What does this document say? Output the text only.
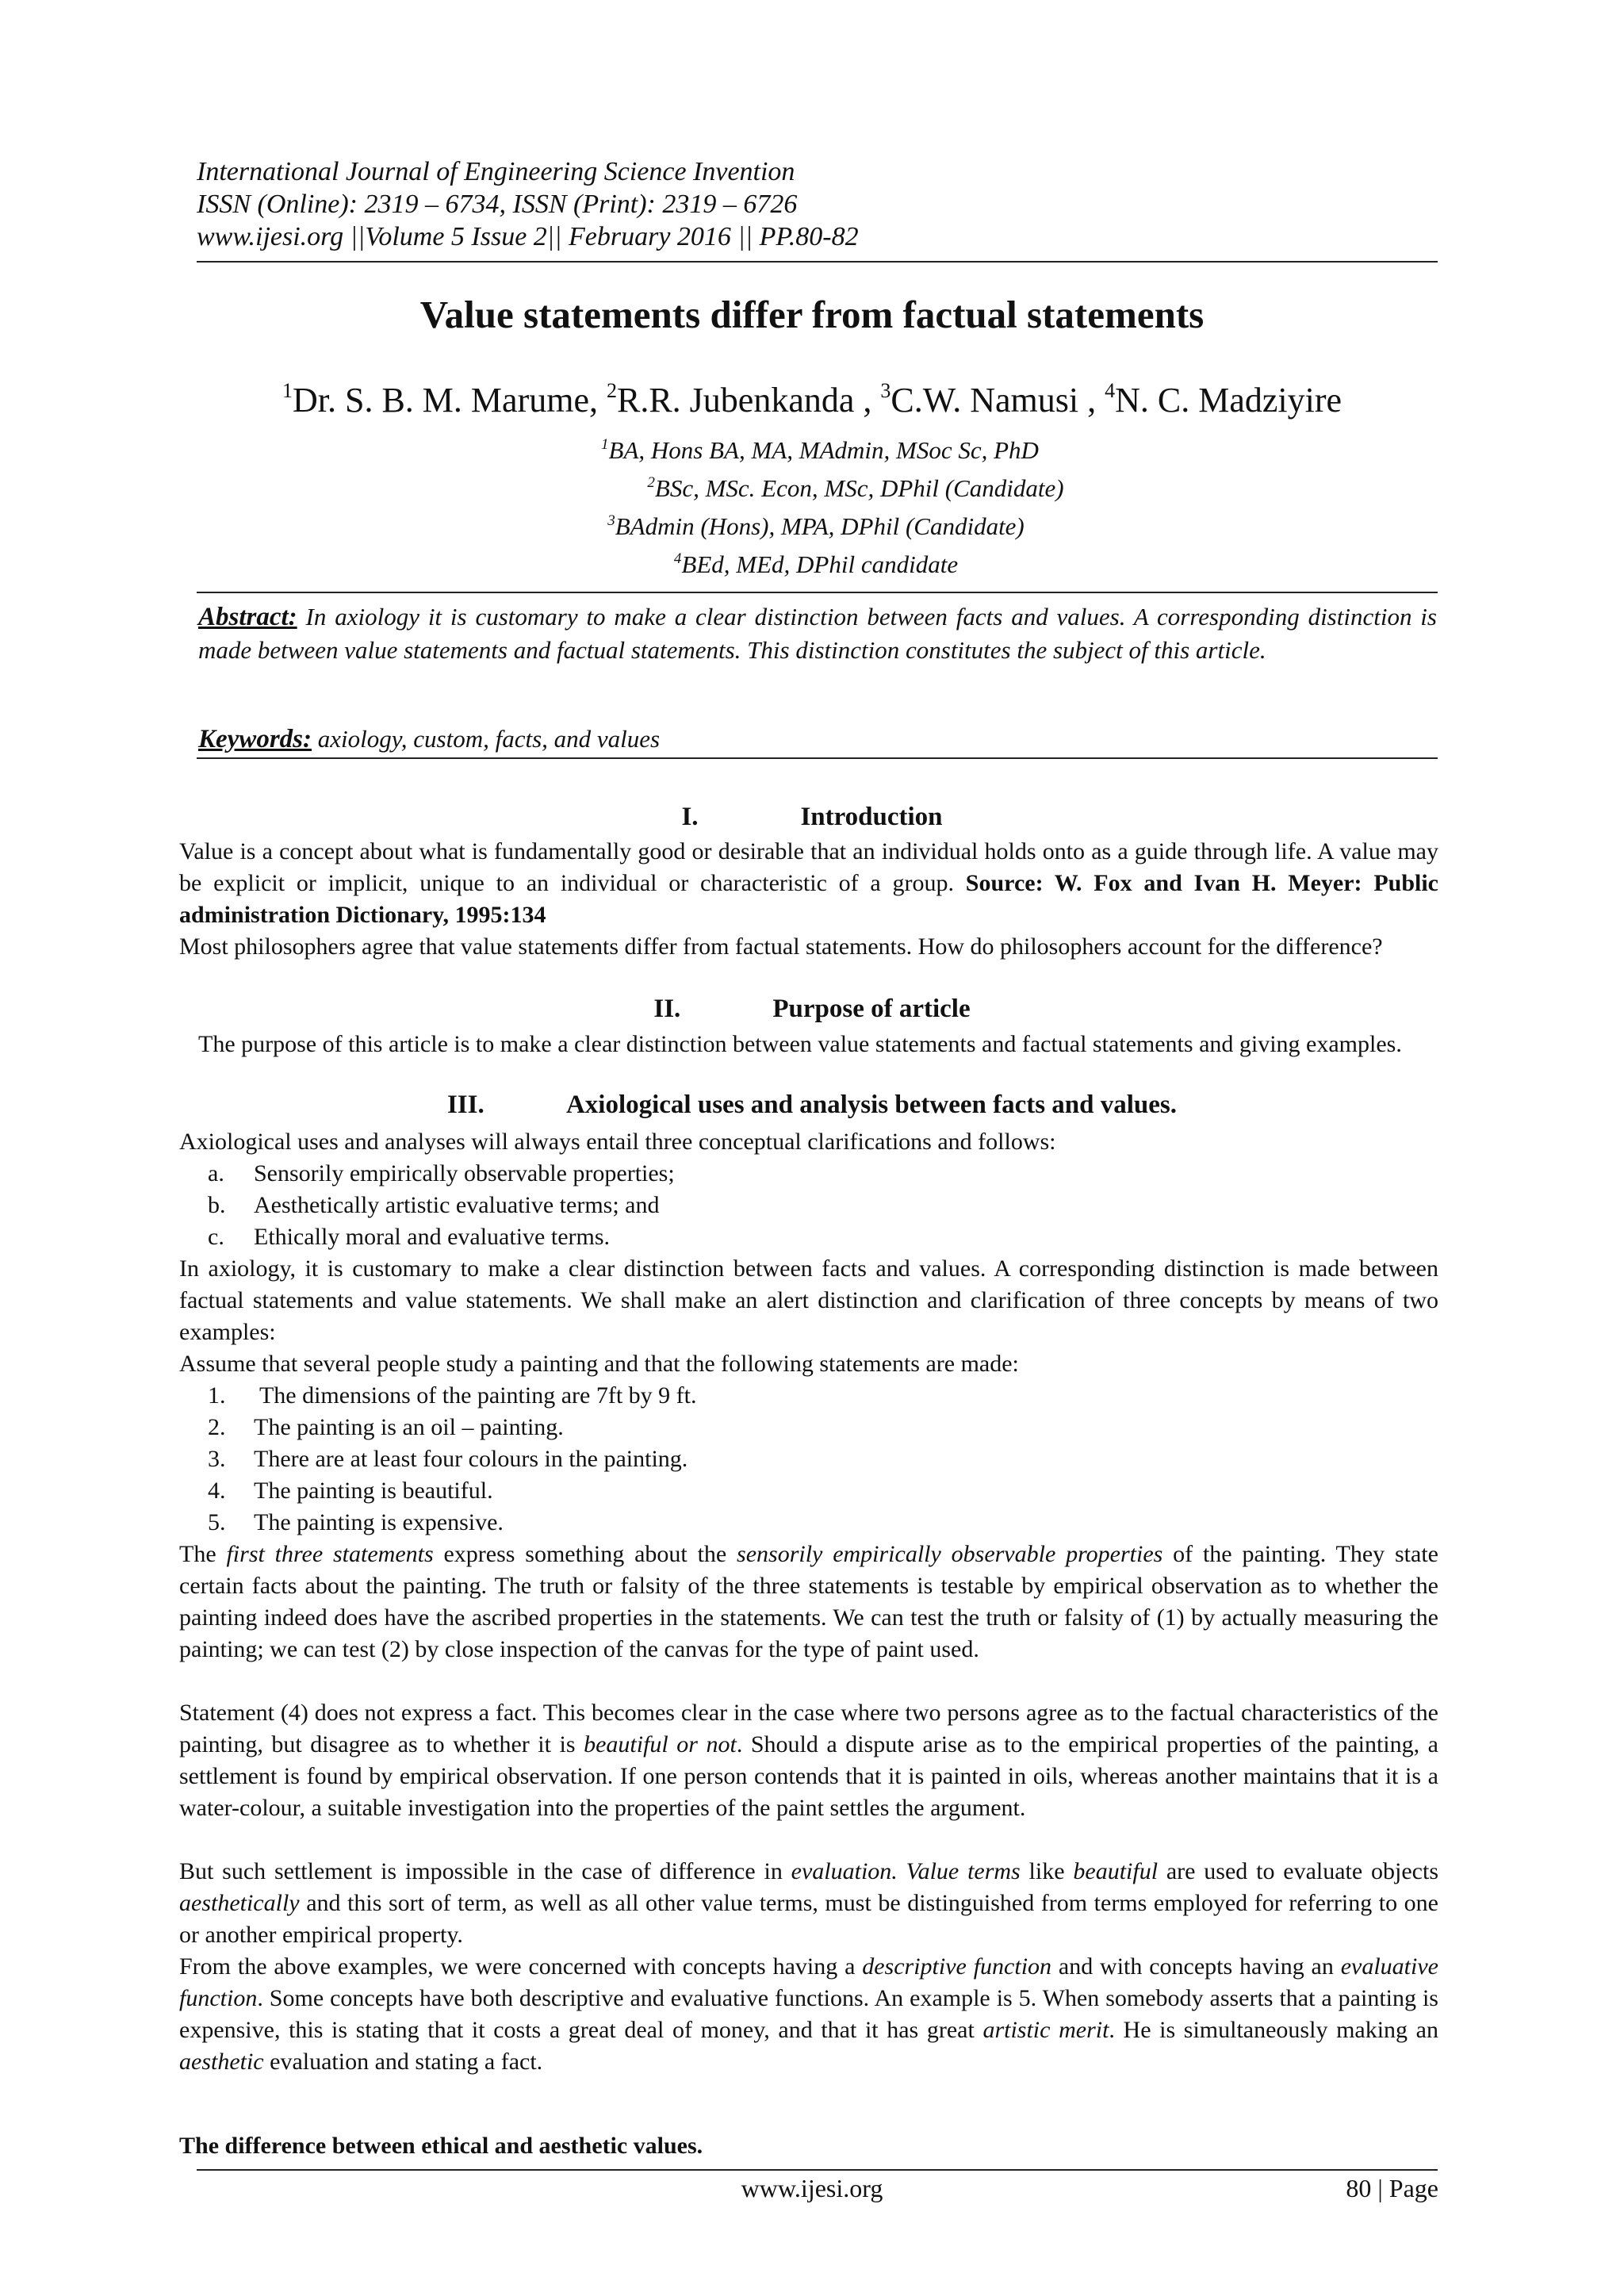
International Journal of Engineering Science Invention
ISSN (Online): 2319 – 6734, ISSN (Print): 2319 – 6726
www.ijesi.org ||Volume 5 Issue 2|| February 2016 || PP.80-82
Value statements differ from factual statements
$^1$Dr. S. B. M. Marume, $^2$R.R. Jubenkanda , $^3$C.W. Namusi , $^4$N. C. Madziyire
$^1$BA, Hons BA, MA, MAdmin, MSoc Sc, PhD
$^2$BSc, MSc. Econ, MSc, DPhil (Candidate)
$^3$BAdmin (Hons), MPA, DPhil (Candidate)
$^4$BEd, MEd, DPhil candidate
Abstract: In axiology it is customary to make a clear distinction between facts and values. A corresponding distinction is made between value statements and factual statements. This distinction constitutes the subject of this article.
Keywords: axiology, custom, facts, and values
I.	Introduction
Value is a concept about what is fundamentally good or desirable that an individual holds onto as a guide through life. A value may be explicit or implicit, unique to an individual or characteristic of a group. Source: W. Fox and Ivan H. Meyer: Public administration Dictionary, 1995:134
Most philosophers agree that value statements differ from factual statements. How do philosophers account for the difference?
II.	Purpose of article
The purpose of this article is to make a clear distinction between value statements and factual statements and giving examples.
III.	Axiological uses and analysis between facts and values.
Axiological uses and analyses will always entail three conceptual clarifications and follows:
a.	Sensorily empirically observable properties;
b.	Aesthetically artistic evaluative terms; and
c.	Ethically moral and evaluative terms.
In axiology, it is customary to make a clear distinction between facts and values. A corresponding distinction is made between factual statements and value statements. We shall make an alert distinction and clarification of three concepts by means of two examples:
Assume that several people study a painting and that the following statements are made:
1.	The dimensions of the painting are 7ft by 9 ft.
2.	The painting is an oil – painting.
3.	There are at least four colours in the painting.
4.	The painting is beautiful.
5.	The painting is expensive.
The first three statements express something about the sensorily empirically observable properties of the painting. They state certain facts about the painting. The truth or falsity of the three statements is testable by empirical observation as to whether the painting indeed does have the ascribed properties in the statements. We can test the truth or falsity of (1) by actually measuring the painting; we can test (2) by close inspection of the canvas for the type of paint used.
Statement (4) does not express a fact. This becomes clear in the case where two persons agree as to the factual characteristics of the painting, but disagree as to whether it is beautiful or not. Should a dispute arise as to the empirical properties of the painting, a settlement is found by empirical observation. If one person contends that it is painted in oils, whereas another maintains that it is a water-colour, a suitable investigation into the properties of the paint settles the argument.
But such settlement is impossible in the case of difference in evaluation. Value terms like beautiful are used to evaluate objects aesthetically and this sort of term, as well as all other value terms, must be distinguished from terms employed for referring to one or another empirical property.
From the above examples, we were concerned with concepts having a descriptive function and with concepts having an evaluative function. Some concepts have both descriptive and evaluative functions. An example is 5. When somebody asserts that a painting is expensive, this is stating that it costs a great deal of money, and that it has great artistic merit. He is simultaneously making an aesthetic evaluation and stating a fact.
The difference between ethical and aesthetic values.
www.ijesi.org	80 | Page
